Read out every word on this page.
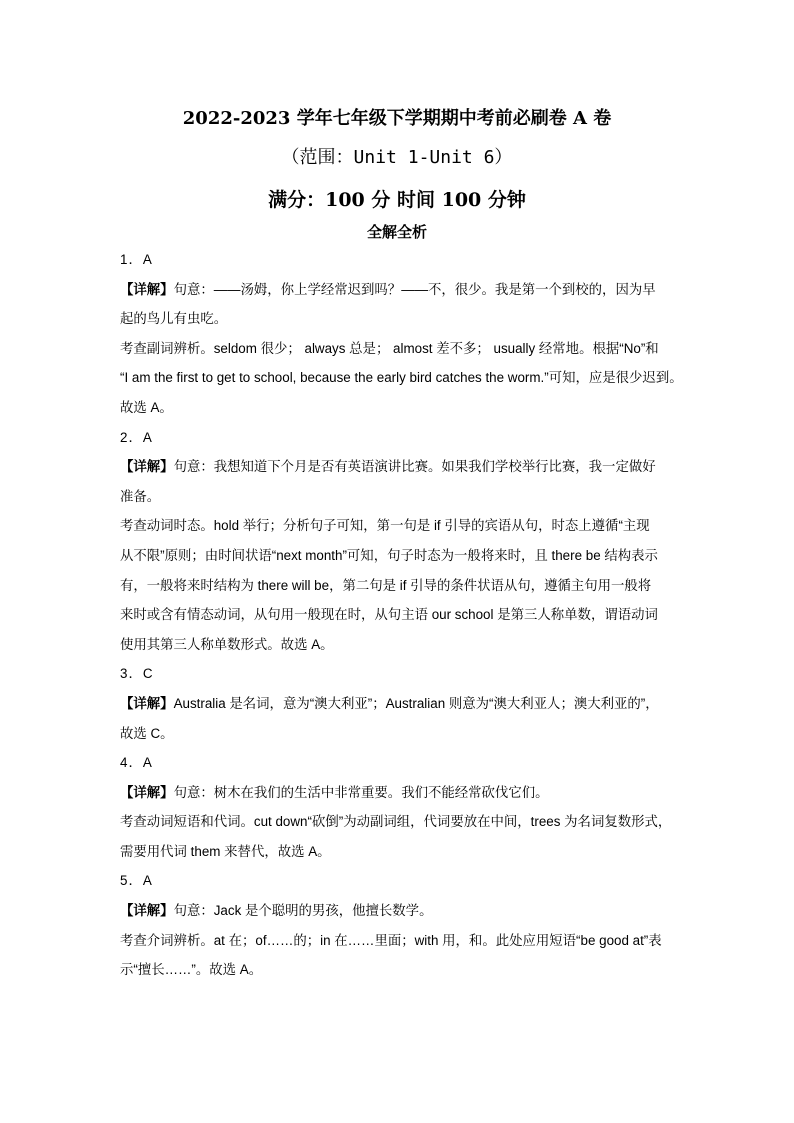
2022-2023 学年七年级下学期期中考前必刷卷 A 卷
（范围：Unit 1-Unit 6）
满分：100 分 时间 100 分钟
全解全析
1．A
【详解】句意：——汤姆，你上学经常迟到吗？——不，很少。我是第一个到校的，因为早
起的鸟儿有虫吃。
考查副词辨析。seldom 很少； always 总是； almost 差不多； usually 经常地。根据“No”和
“I am the first to get to school, because the early bird catches the worm.”可知，应是很少迟到。
故选 A。
2．A
【详解】句意：我想知道下个月是否有英语演讲比赛。如果我们学校举行比赛，我一定做好
准备。
考查动词时态。hold 举行；分析句子可知，第一句是 if 引导的宾语从句，时态上遵循“主现
从不限”原则；由时间状语“next month”可知，句子时态为一般将来时，且 there be 结构表示
有，一般将来时结构为 there will be，第二句是 if 引导的条件状语从句，遵循主句用一般将
来时或含有情态动词，从句用一般现在时，从句主语 our school 是第三人称单数，谓语动词
使用其第三人称单数形式。故选 A。
3．C
【详解】Australia 是名词，意为“澳大利亚”；Australian 则意为“澳大利亚人；澳大利亚的”，
故选 C。
4．A
【详解】句意：树木在我们的生活中非常重要。我们不能经常砍伐它们。
考查动词短语和代词。cut down“砍倒”为动副词组，代词要放在中间，trees 为名词复数形式，
需要用代词 them 来替代，故选 A。
5．A
【详解】句意：Jack 是个聪明的男孩，他擅长数学。
考查介词辨析。at 在；of……的；in 在……里面；with 用，和。此处应用短语“be good at”表
示“擅长……”。故选 A。
